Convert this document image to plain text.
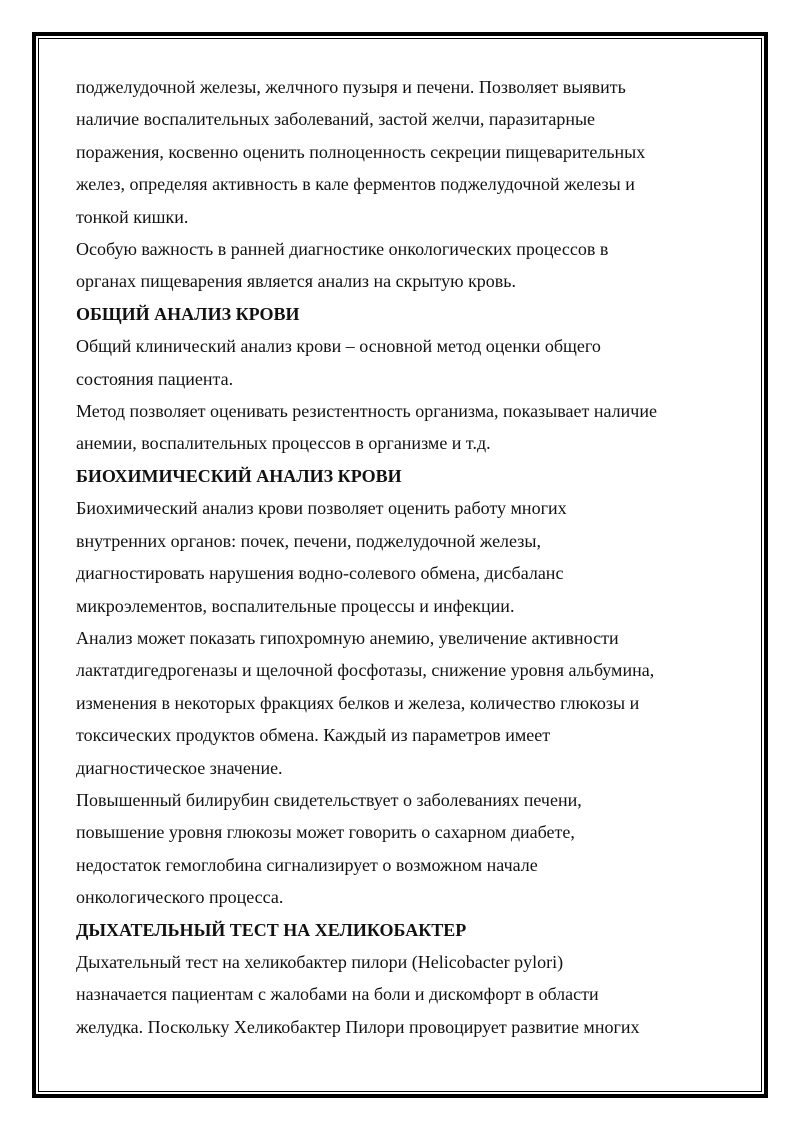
поджелудочной железы, желчного пузыря и печени. Позволяет выявить
наличие воспалительных заболеваний, застой желчи, паразитарные
поражения, косвенно оценить полноценность секреции пищеварительных
желез, определяя активность в кале ферментов поджелудочной железы и
тонкой кишки.

Особую важность в ранней диагностике онкологических процессов в
органах пищеварения является анализ на скрытую кровь.

ОБЩИЙ АНАЛИЗ КРОВИ

Общий клинический анализ крови – основной метод оценки общего
состояния пациента.

Метод позволяет оценивать резистентность организма, показывает наличие
анемии, воспалительных процессов в организме и т.д.

БИОХИМИЧЕСКИЙ АНАЛИЗ КРОВИ

Биохимический анализ крови позволяет оценить работу многих
внутренних органов: почек, печени, поджелудочной железы,
диагностировать нарушения водно-солевого обмена, дисбаланс
микроэлементов, воспалительные процессы и инфекции.

Анализ может показать гипохромную анемию, увеличение активности
лактатдигедрогеназы и щелочной фосфотазы, снижение уровня альбумина,
изменения в некоторых фракциях белков и железа, количество глюкозы и
токсических продуктов обмена. Каждый из параметров имеет
диагностическое значение.

Повышенный билирубин свидетельствует о заболеваниях печени,
повышение уровня глюкозы может говорить о сахарном диабете,
недостаток гемоглобина сигнализирует о возможном начале
онкологического процесса.

ДЫХАТЕЛЬНЫЙ ТЕСТ НА ХЕЛИКОБАКТЕР

Дыхательный тест на хеликобактер пилори (Helicobacter pylori)
назначается пациентам с жалобами на боли и дискомфорт в области
желудка. Поскольку Хеликобактер Пилори провоцирует развитие многих
